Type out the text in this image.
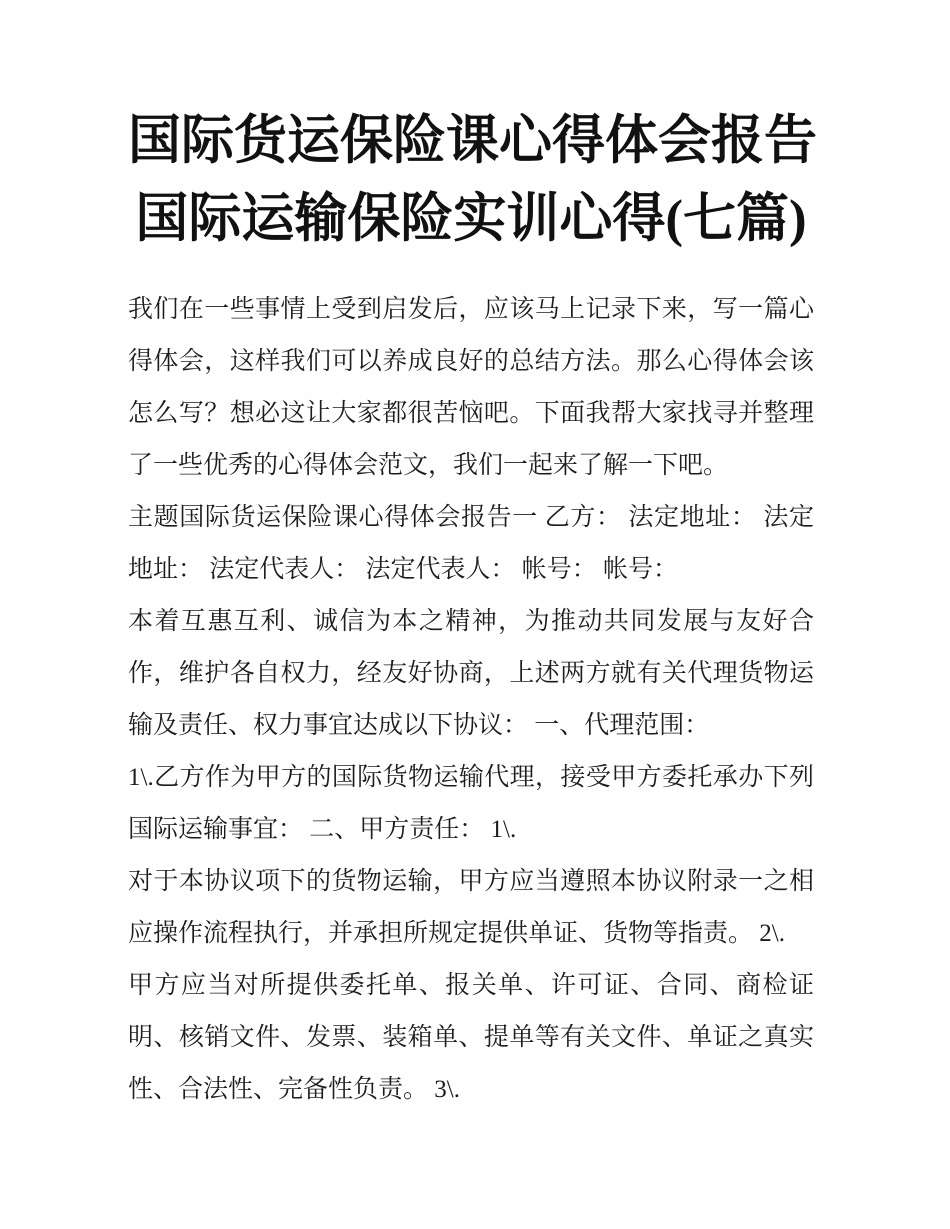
国际货运保险课心得体会报告
国际运输保险实训心得(七篇)

我们在一些事情上受到启发后，应该马上记录下来，写一篇心得体会，这样我们可以养成良好的总结方法。那么心得体会该怎么写？想必这让大家都很苦恼吧。下面我帮大家找寻并整理了一些优秀的心得体会范文，我们一起来了解一下吧。

主题国际货运保险课心得体会报告一 乙方： 法定地址： 法定地址： 法定代表人： 法定代表人： 帐号： 帐号：

本着互惠互利、诚信为本之精神，为推动共同发展与友好合作，维护各自权力，经友好协商，上述两方就有关代理货物运输及责任、权力事宜达成以下协议： 一、代理范围：

1\.乙方作为甲方的国际货物运输代理，接受甲方委托承办下列国际运输事宜： 二、甲方责任： 1\.

对于本协议项下的货物运输，甲方应当遵照本协议附录一之相应操作流程执行，并承担所规定提供单证、货物等指责。 2\.

甲方应当对所提供委托单、报关单、许可证、合同、商检证明、核销文件、发票、装箱单、提单等有关文件、单证之真实性、合法性、完备性负责。 3\.
